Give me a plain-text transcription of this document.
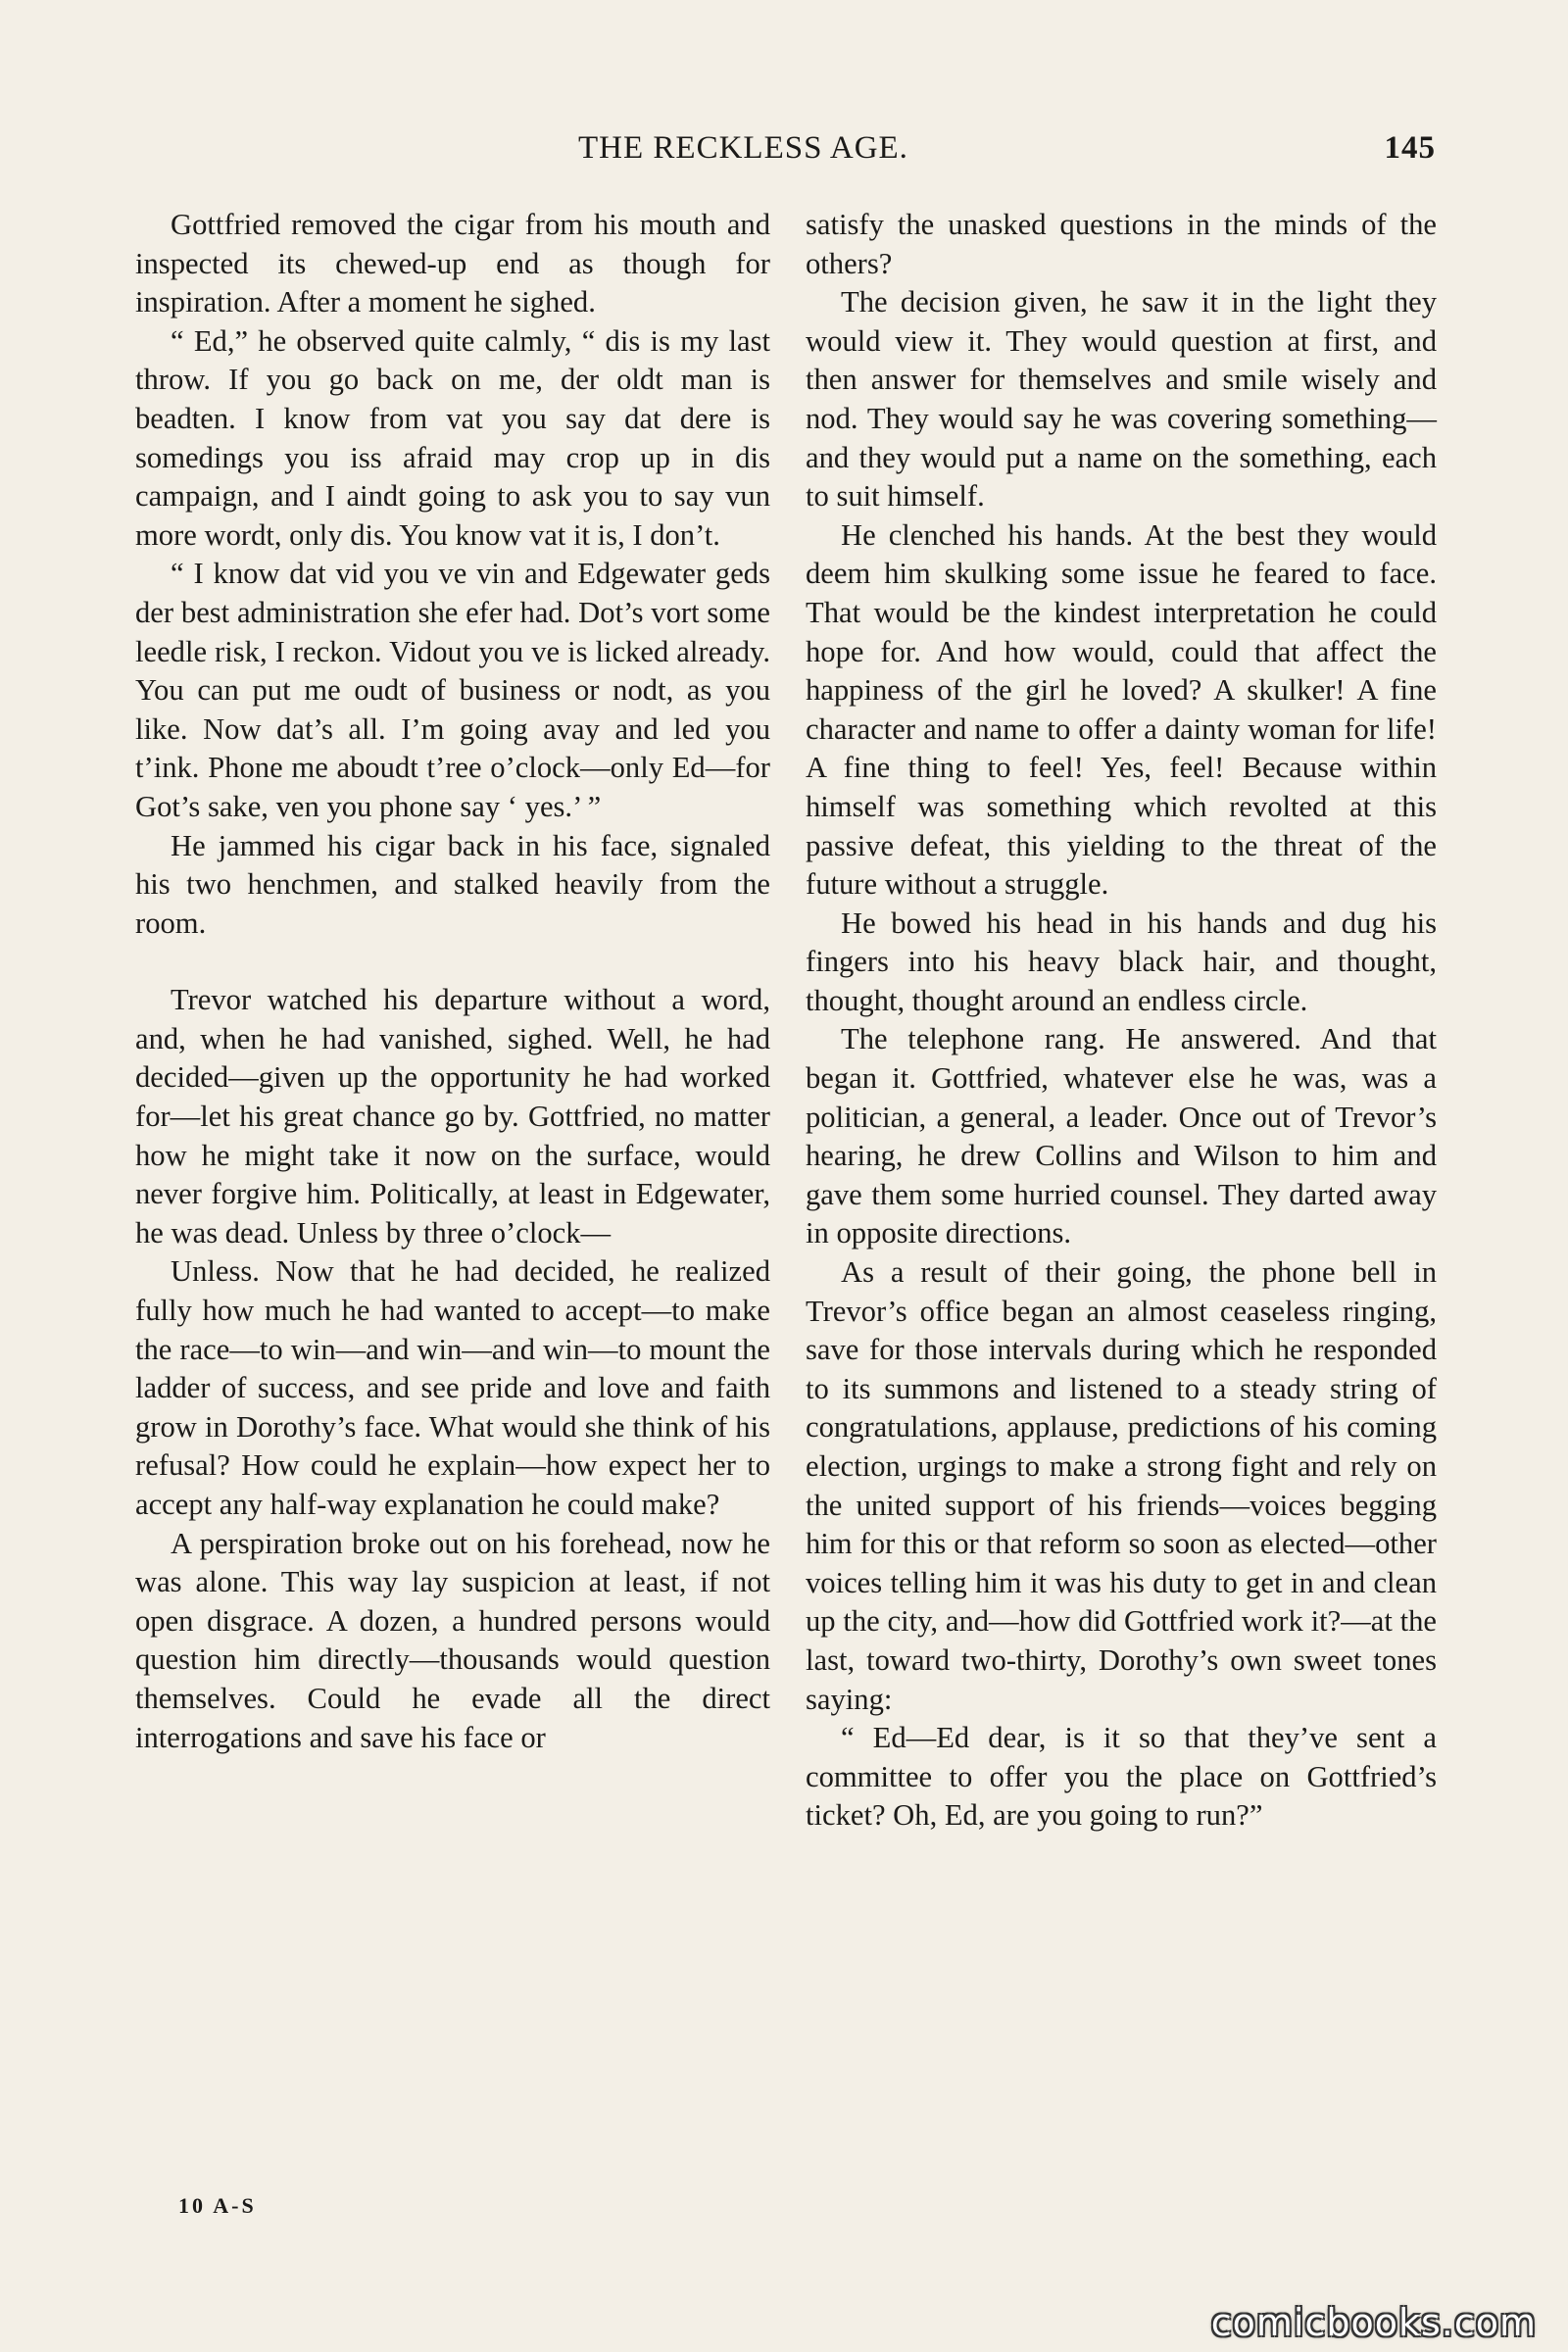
THE RECKLESS AGE.	145

Gottfried removed the cigar from his mouth and inspected its chewed-up end as though for inspiration. After a moment he sighed.

“ Ed,” he observed quite calmly, “ dis is my last throw. If you go back on me, der oldt man is beadten. I know from vat you say dat dere is somedings you iss afraid may crop up in dis campaign, and I aindt going to ask you to say vun more wordt, only dis. You know vat it is, I don’t.

“ I know dat vid you ve vin and Edgewater geds der best administration she efer had. Dot’s vort some leedle risk, I reckon. Vidout you ve is licked already. You can put me oudt of business or nodt, as you like. Now dat’s all. I’m going avay and led you t’ink. Phone me aboudt t’ree o’clock—only Ed—for Got’s sake, ven you phone say ‘ yes.’ ”

He jammed his cigar back in his face, signaled his two henchmen, and stalked heavily from the room.

Trevor watched his departure without a word, and, when he had vanished, sighed. Well, he had decided—given up the opportunity he had worked for—let his great chance go by. Gottfried, no matter how he might take it now on the surface, would never forgive him. Politically, at least in Edgewater, he was dead. Unless by three o’clock—

Unless. Now that he had decided, he realized fully how much he had wanted to accept—to make the race—to win—and win—and win—to mount the ladder of success, and see pride and love and faith grow in Dorothy’s face. What would she think of his refusal? How could he explain—how expect her to accept any half-way explanation he could make?

A perspiration broke out on his forehead, now he was alone. This way lay suspicion at least, if not open disgrace. A dozen, a hundred persons would question him directly—thousands would question themselves. Could he evade all the direct interrogations and save his face or

satisfy the unasked questions in the minds of the others?

The decision given, he saw it in the light they would view it. They would question at first, and then answer for themselves and smile wisely and nod. They would say he was covering something—and they would put a name on the something, each to suit himself.

He clenched his hands. At the best they would deem him skulking some issue he feared to face. That would be the kindest interpretation he could hope for. And how would, could that affect the happiness of the girl he loved? A skulker! A fine character and name to offer a dainty woman for life! A fine thing to feel! Yes, feel! Because within himself was something which revolted at this passive defeat, this yielding to the threat of the future without a struggle.

He bowed his head in his hands and dug his fingers into his heavy black hair, and thought, thought, thought around an endless circle.

The telephone rang. He answered. And that began it. Gottfried, whatever else he was, was a politician, a general, a leader. Once out of Trevor’s hearing, he drew Collins and Wilson to him and gave them some hurried counsel. They darted away in opposite directions.

As a result of their going, the phone bell in Trevor’s office began an almost ceaseless ringing, save for those intervals during which he responded to its summons and listened to a steady string of congratulations, applause, predictions of his coming election, urgings to make a strong fight and rely on the united support of his friends—voices begging him for this or that reform so soon as elected—other voices telling him it was his duty to get in and clean up the city, and—how did Gottfried work it?—at the last, toward two-thirty, Dorothy’s own sweet tones saying:

“ Ed—Ed dear, is it so that they’ve sent a committee to offer you the place on Gottfried’s ticket? Oh, Ed, are you going to run?”

10 A-S
comicbooks.com
